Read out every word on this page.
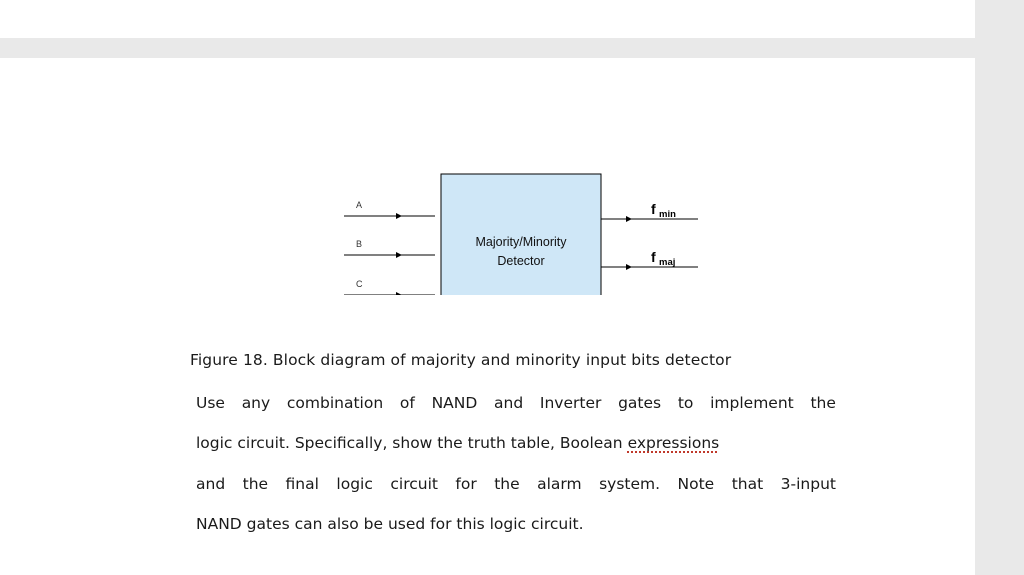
A
B
C
Majority/Minority
Detector
f min
f maj

Figure 18. Block diagram of majority and minority input bits detector

Use any combination of NAND and Inverter gates to implement the
logic circuit. Specifically, show the truth table, Boolean expressions
and the final logic circuit for the alarm system. Note that 3-input
NAND gates can also be used for this logic circuit.
